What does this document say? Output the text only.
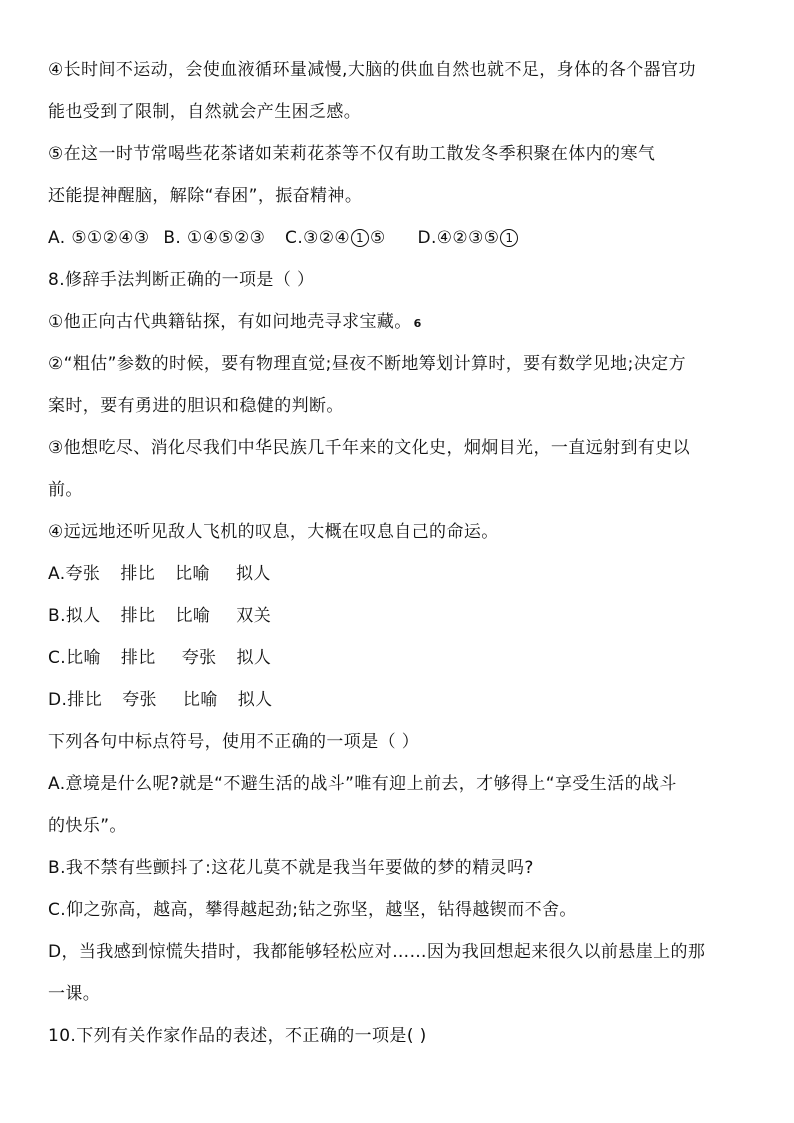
④长时间不运动，会使血液循环量减慢,大脑的供血自然也就不足，身体的各个器官功
能也受到了限制，自然就会产生困乏感。
⑤在这一时节常喝些花茶诸如茉莉花茶等不仅有助工散发冬季积聚在体内的寒气
还能提神醒脑，解除“春困”，振奋精神。
A. ⑤①②④③ B. ①④⑤②③ C.③②④ 1 ⑤ D.④②③⑤ 1
8.修辞手法判断正确的一项是（ ）
①他正向古代典籍钻探，有如问地壳寻求宝藏。 6
②“粗估”参数的时候，要有物理直觉;昼夜不断地筹划计算时，要有数学见地;决定方
案时，要有勇进的胆识和稳健的判断。
③他想吃尽、消化尽我们中华民族几千年来的文化史，炯炯目光，一直远射到有史以
前。
④远远地还听见敌人飞机的叹息，大概在叹息自己的命运。
A.夸张 排比 比喻 拟人
B.拟人 排比 比喻 双关
C.比喻 排比 夸张 拟人
D.排比 夸张 比喻 拟人
下列各句中标点符号，使用不正确的一项是（ ）
A.意境是什么呢?就是“不避生活的战斗”唯有迎上前去，才够得上“享受生活的战斗
的快乐”。
B.我不禁有些颤抖了:这花儿莫不就是我当年要做的梦的精灵吗?
C.仰之弥高，越高，攀得越起劲;钻之弥坚，越坚，钻得越锲而不舍。
D，当我感到惊慌失措时，我都能够轻松应对……因为我回想起来很久以前悬崖上的那
一课。
10.下列有关作家作品的表述，不正确的一项是( )
